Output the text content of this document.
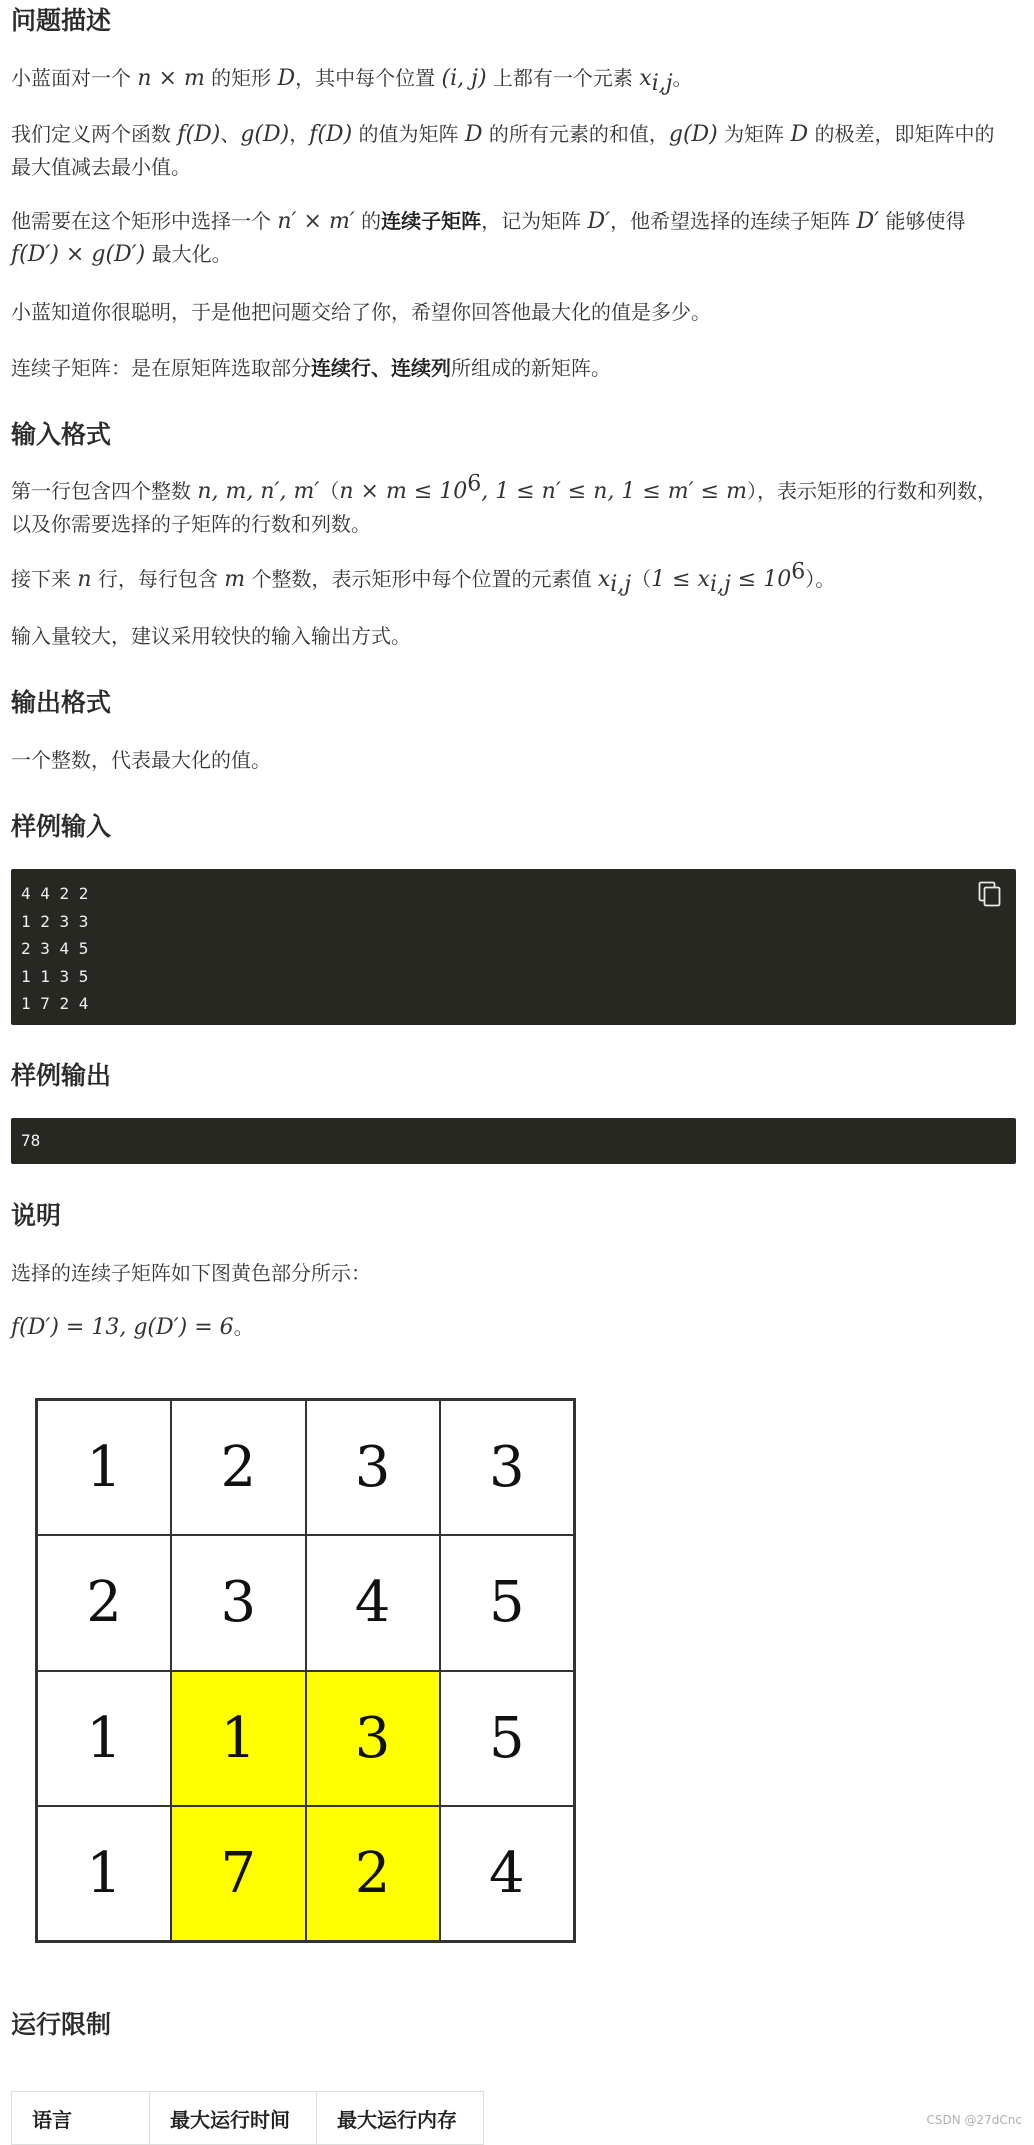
问题描述

小蓝面对一个 n × m 的矩形 D，其中每个位置 (i, j) 上都有一个元素 $x_{i,j}$。

我们定义两个函数 f(D)、g(D)，f(D) 的值为矩阵 D 的所有元素的和值，g(D) 为矩阵 D 的极差，即矩阵中的最大值减去最小值。

他需要在这个矩形中选择一个 n′ × m′ 的连续子矩阵，记为矩阵 D′，他希望选择的连续子矩阵 D′ 能够使得 f(D′) × g(D′) 最大化。

小蓝知道你很聪明，于是他把问题交给了你，希望你回答他最大化的值是多少。

连续子矩阵：是在原矩阵选取部分连续行、连续列所组成的新矩阵。

输入格式

第一行包含四个整数 n, m, n′, $m'(n \times m \le 10^6$, 1 ≤ n′ ≤ n, 1 ≤ m′ ≤ m），表示矩形的行数和列数，以及你需要选择的子矩阵的行数和列数。

接下来 n 行，每行包含 m 个整数，表示矩形中每个位置的元素值 $x_{i,j}(1 \le x_{i,j} \le 10^6)$。

输入量较大，建议采用较快的输入输出方式。

输出格式

一个整数，代表最大化的值。

样例输入
4 4 2 2
1 2 3 3
2 3 4 5
1 1 3 5
1 7 2 4
样例输出
78
说明

选择的连续子矩阵如下图黄色部分所示：

f(D′) = 13, g(D′) = 6。

1	2	3	3
2	3	4	5
1	1	3	5
1	7	2	4
运行限制
语言	最大运行时间	最大运行内存	CSDN @27dCnc
